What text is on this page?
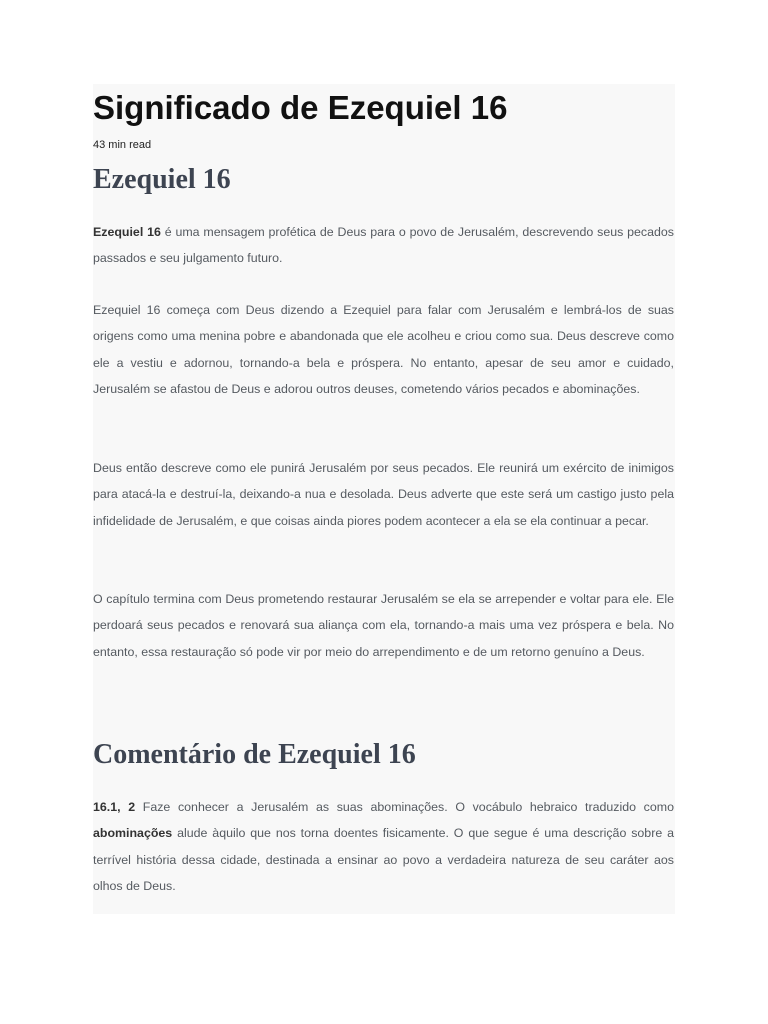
Significado de Ezequiel 16
43 min read
Ezequiel 16

Ezequiel 16 é uma mensagem profética de Deus para o povo de Jerusalém, descrevendo seus pecados passados e seu julgamento futuro.

Ezequiel 16 começa com Deus dizendo a Ezequiel para falar com Jerusalém e lembrá-los de suas origens como uma menina pobre e abandonada que ele acolheu e criou como sua. Deus descreve como ele a vestiu e adornou, tornando-a bela e próspera. No entanto, apesar de seu amor e cuidado, Jerusalém se afastou de Deus e adorou outros deuses, cometendo vários pecados e abominações.

Deus então descreve como ele punirá Jerusalém por seus pecados. Ele reunirá um exército de inimigos para atacá-la e destruí-la, deixando-a nua e desolada. Deus adverte que este será um castigo justo pela infidelidade de Jerusalém, e que coisas ainda piores podem acontecer a ela se ela continuar a pecar.

O capítulo termina com Deus prometendo restaurar Jerusalém se ela se arrepender e voltar para ele. Ele perdoará seus pecados e renovará sua aliança com ela, tornando-a mais uma vez próspera e bela. No entanto, essa restauração só pode vir por meio do arrependimento e de um retorno genuíno a Deus.

Comentário de Ezequiel 16

16.1, 2 Faze conhecer a Jerusalém as suas abominações. O vocábulo hebraico traduzido como abominações alude àquilo que nos torna doentes fisicamente. O que segue é uma descrição sobre a terrível história dessa cidade, destinada a ensinar ao povo a verdadeira natureza de seu caráter aos olhos de Deus.
